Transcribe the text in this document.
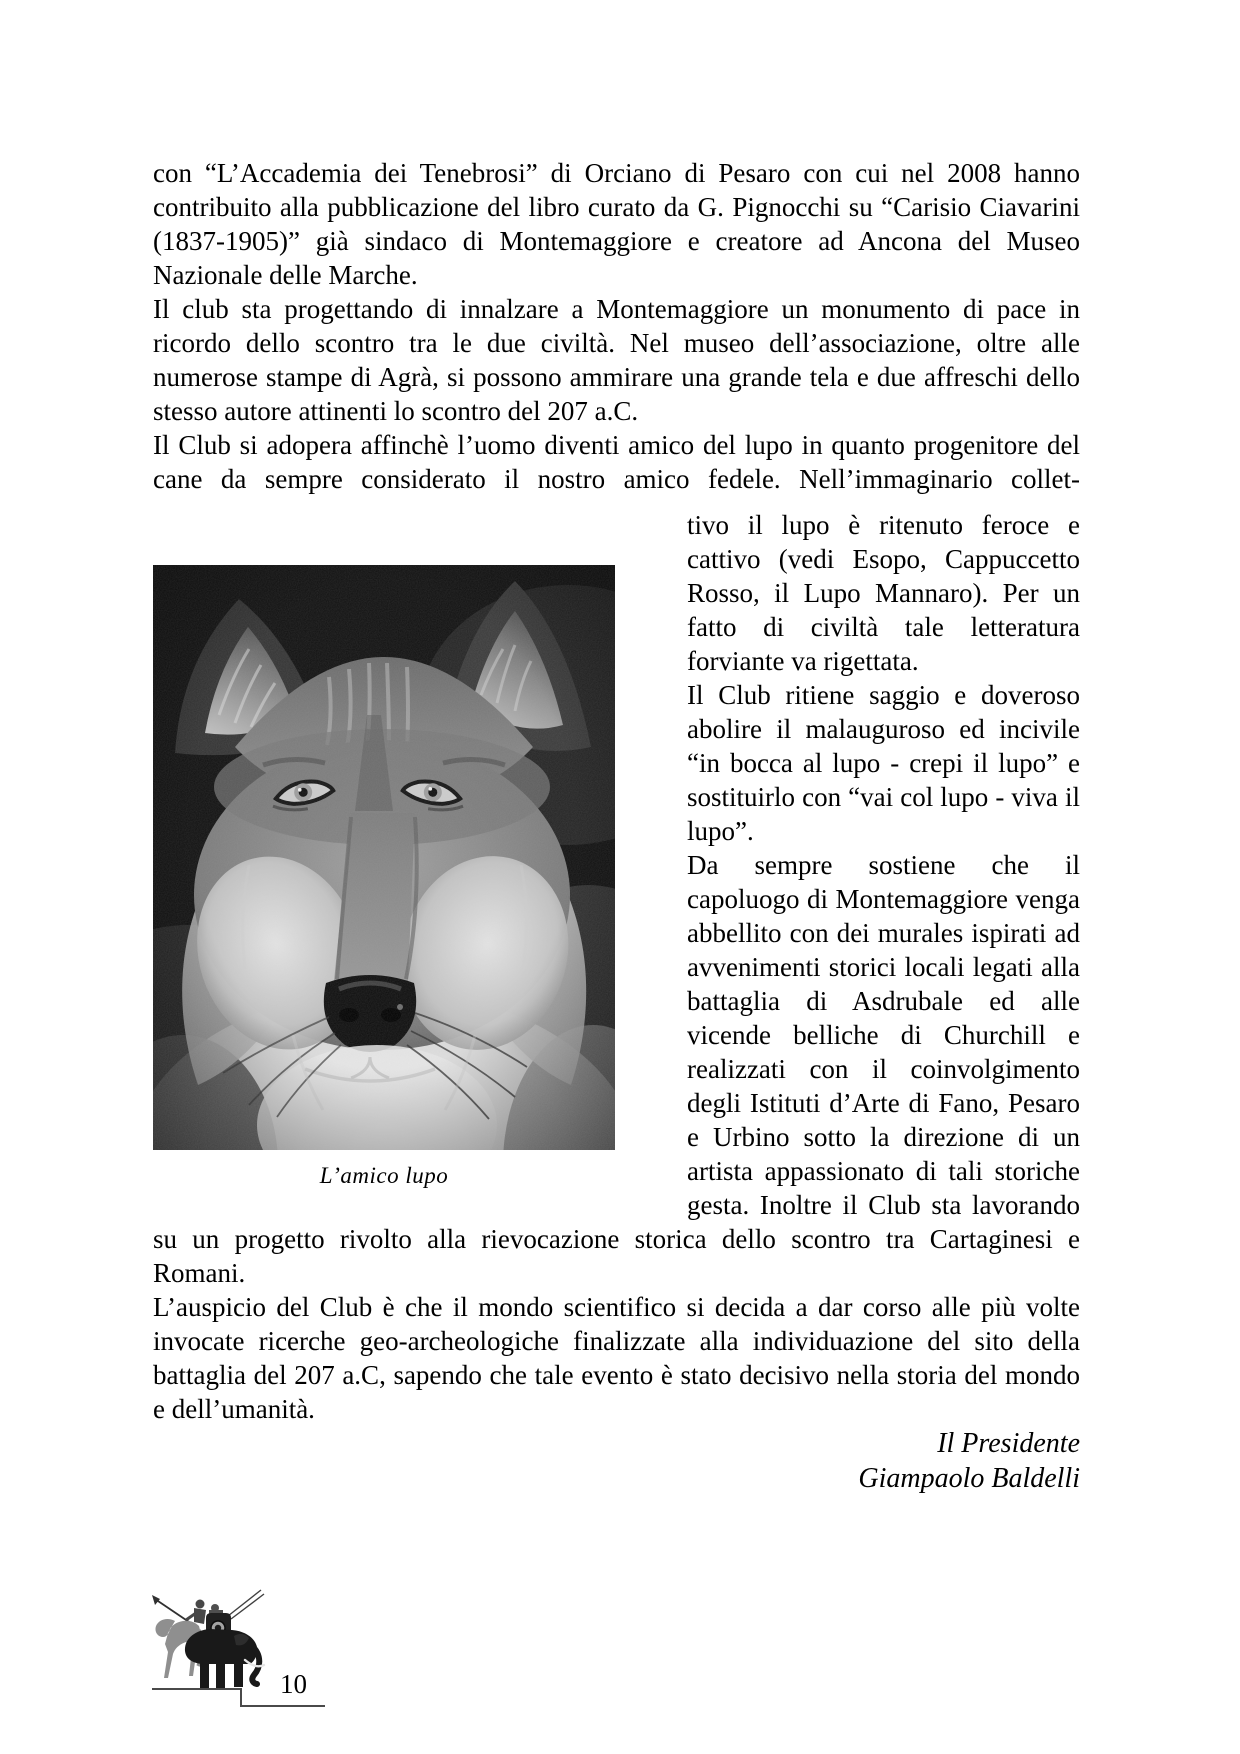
con “L’Accademia dei Tenebrosi” di Orciano di Pesaro con cui nel 2008 hanno contribuito alla pubblicazione del libro curato da G. Pignocchi su “Carisio Ciavarini (1837-1905)” già sindaco di Montemaggiore e creatore ad Ancona del Museo Nazionale delle Marche.

Il club sta progettando di innalzare a Montemaggiore un monumento di pace in ricordo dello scontro tra le due civiltà. Nel museo dell’associazione, oltre alle numerose stampe di Agrà, si possono ammirare una grande tela e due affreschi dello stesso autore attinenti lo scontro del 207 a.C.

Il Club si adopera affinchè l’uomo diventi amico del lupo in quanto progenitore del cane da sempre considerato il nostro amico fedele. Nell’immaginario collet-

L’amico lupo

tivo il lupo è ritenuto feroce e cattivo (vedi Esopo, Cappuccetto Rosso, il Lupo Mannaro). Per un fatto di civiltà tale letteratura forviante va rigettata.

Il Club ritiene saggio e doveroso abolire il malauguroso ed incivile “in bocca al lupo - crepi il lupo” e sostituirlo con “vai col lupo - viva il lupo”.

Da sempre sostiene che il capoluogo di Montemaggiore venga abbellito con dei murales ispirati ad avvenimenti storici locali legati alla battaglia di Asdrubale ed alle vicende belliche di Churchill e realizzati con il coinvolgimento degli Istituti d’Arte di Fano, Pesaro e Urbino sotto la direzione di un artista appassionato di tali storiche gesta. Inoltre il Club sta lavorando

su un progetto rivolto alla rievocazione storica dello scontro tra Cartaginesi e Romani.

L’auspicio del Club è che il mondo scientifico si decida a dar corso alle più volte invocate ricerche geo-archeologiche finalizzate alla individuazione del sito della battaglia del 207 a.C, sapendo che tale evento è stato decisivo nella storia del mondo e dell’umanità.

Il Presidente

Giampaolo Baldelli

10
